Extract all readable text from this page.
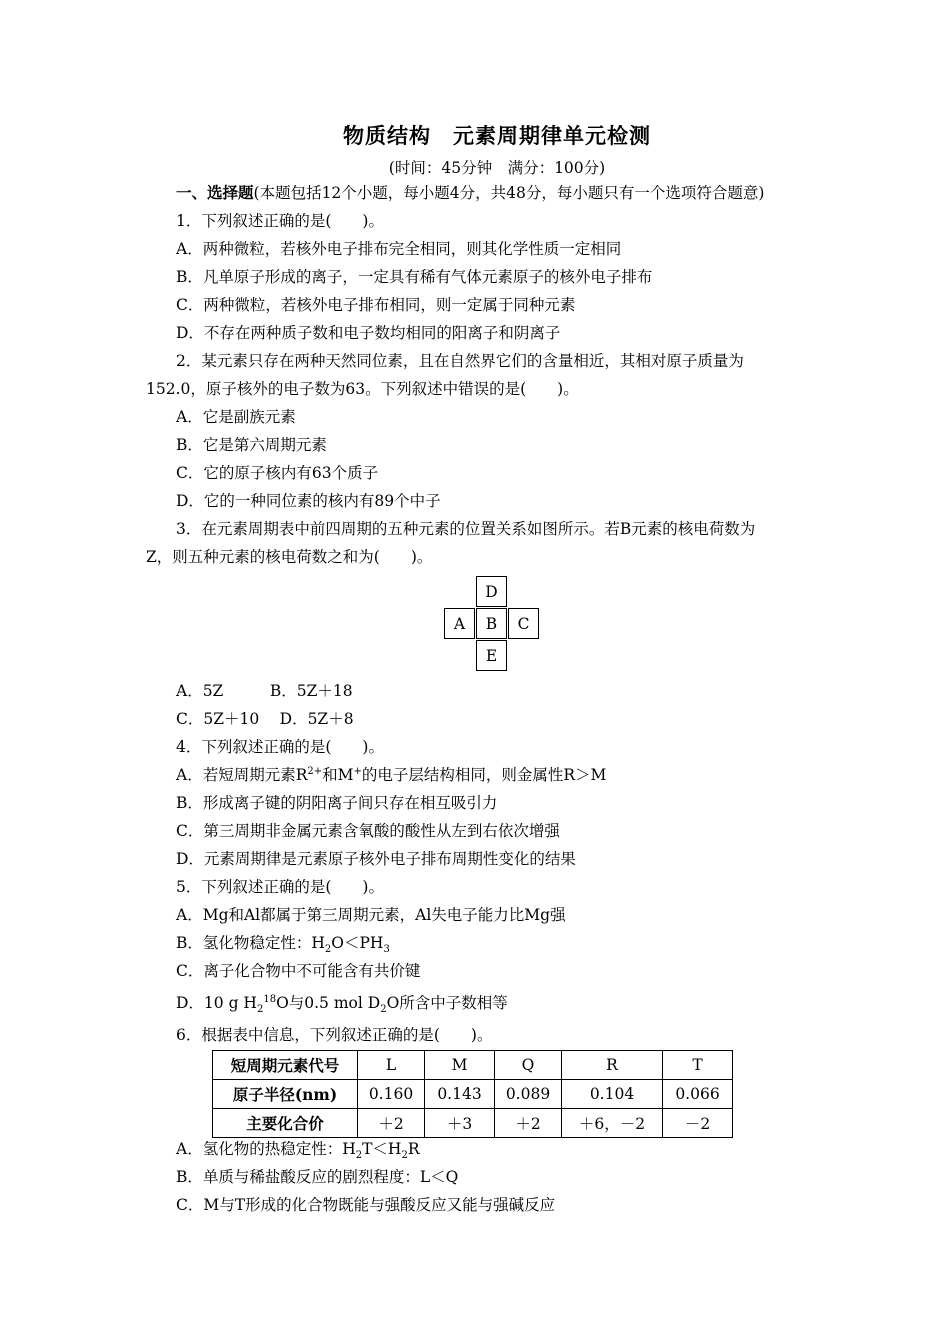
物质结构　元素周期律单元检测
(时间：45分钟　满分：100分)
一、选择题(本题包括12个小题，每小题4分，共48分，每小题只有一个选项符合题意)
1．下列叙述正确的是(　　)。
A．两种微粒，若核外电子排布完全相同，则其化学性质一定相同
B．凡单原子形成的离子，一定具有稀有气体元素原子的核外电子排布
C．两种微粒，若核外电子排布相同，则一定属于同种元素
D．不存在两种质子数和电子数均相同的阳离子和阴离子
2．某元素只存在两种天然同位素，且在自然界它们的含量相近，其相对原子质量为
152.0，原子核外的电子数为63。下列叙述中错误的是(　　)。
A．它是副族元素
B．它是第六周期元素
C．它的原子核内有63个质子
D．它的一种同位素的核内有89个中子
3．在元素周期表中前四周期的五种元素的位置关系如图所示。若B元素的核电荷数为
Z，则五种元素的核电荷数之和为(　　)。
D
A	B	C
E
A．5Z　　　B．5Z＋18
C．5Z＋10　 D．5Z＋8
4．下列叙述正确的是(　　)。
A．若短周期元素$R^{2+}$和M+的电子层结构相同，则金属性R＞M
B．形成离子键的阴阳离子间只存在相互吸引力
C．第三周期非金属元素含氧酸的酸性从左到右依次增强
D．元素周期律是元素原子核外电子排布周期性变化的结果
5．下列叙述正确的是(　　)。
A．Mg和Al都属于第三周期元素，Al失电子能力比Mg强
B．氢化物稳定性：$H_2O<PH_3$
C．离子化合物中不可能含有共价键
D．10 g $H_2^{18}O$与0.5 mol $D_2O$所含中子数相等
6．根据表中信息，下列叙述正确的是(　　)。
短周期元素代号	L	M	Q	R	T
原子半径(nm)	0.160	0.143	0.089	0.104	0.066
主要化合价	＋2	＋3	＋2	＋6，－2	－2
A．氢化物的热稳定性：$H_2T<H_2R$
B．单质与稀盐酸反应的剧烈程度：L＜Q
C．M与T形成的化合物既能与强酸反应又能与强碱反应
